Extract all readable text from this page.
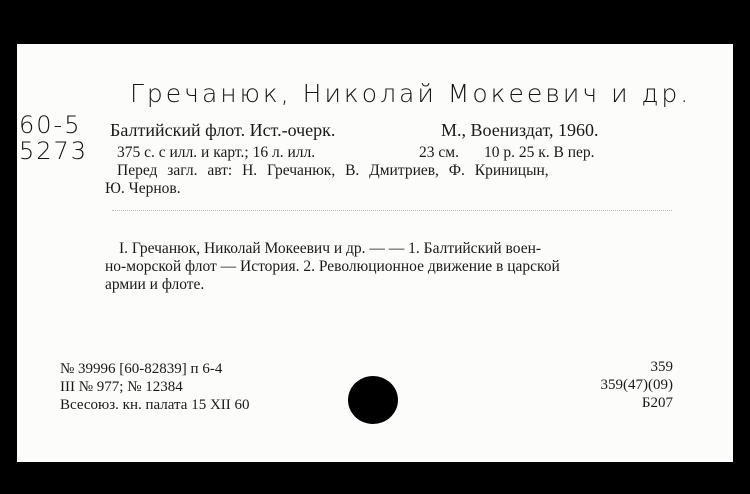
Гречанюк, Николай Мокеевич и др.
60-5
5273
Балтийский флот. Ист.-очерк.	М., Воениздат, 1960.
375 с. с илл. и карт.; 16 л. илл.	23 см. 10 р. 25 к. В пер.
Перед загл. авт: Н. Гречанюк, В. Дмитриев, Ф. Криницын,
Ю. Чернов.
I. Гречанюк, Николай Мокеевич и др. — — 1. Балтийский воен-
но-морской флот — История. 2. Революционное движение в царской
армии и флоте.
№ 39996 [60-82839] п 6-4
III № 977; № 12384
Всесоюз. кн. палата 15 XII 60
359
359(47)(09)
Б207
